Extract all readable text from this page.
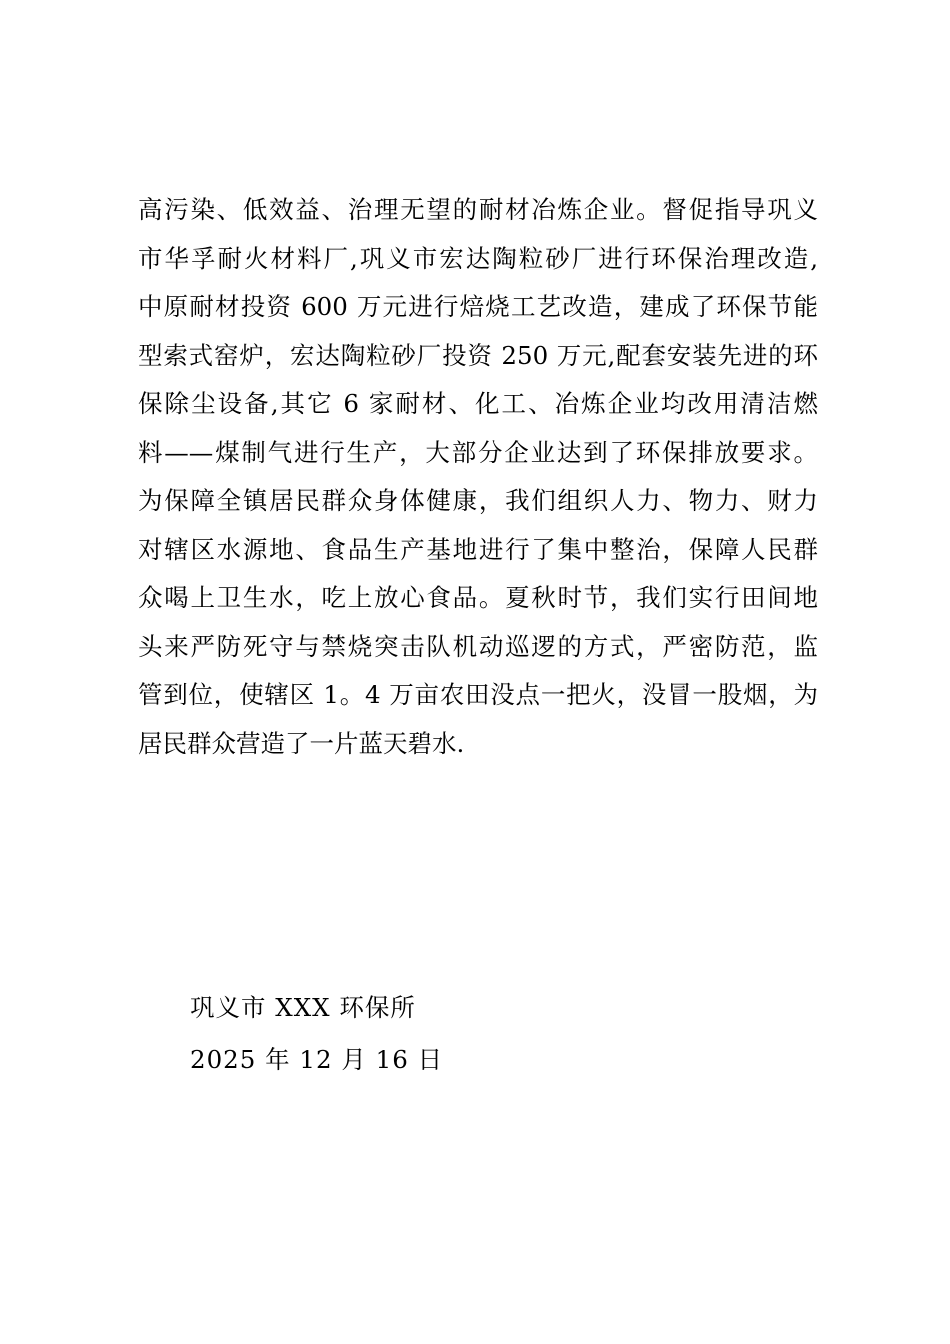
高污染、低效益、治理无望的耐材冶炼企业。督促指导巩义
市华孚耐火材料厂,巩义市宏达陶粒砂厂进行环保治理改造,
中原耐材投资 600 万元进行焙烧工艺改造，建成了环保节能
型索式窑炉，宏达陶粒砂厂投资 250 万元,配套安装先进的环
保除尘设备,其它 6 家耐材、化工、冶炼企业均改用清洁燃
料——煤制气进行生产，大部分企业达到了环保排放要求。
为保障全镇居民群众身体健康，我们组织人力、物力、财力
对辖区水源地、食品生产基地进行了集中整治，保障人民群
众喝上卫生水，吃上放心食品。夏秋时节，我们实行田间地
头来严防死守与禁烧突击队机动巡逻的方式，严密防范，监
管到位，使辖区 1。4 万亩农田没点一把火，没冒一股烟，为
居民群众营造了一片蓝天碧水.
巩义市 XXX 环保所
2025 年 12 月 16 日
